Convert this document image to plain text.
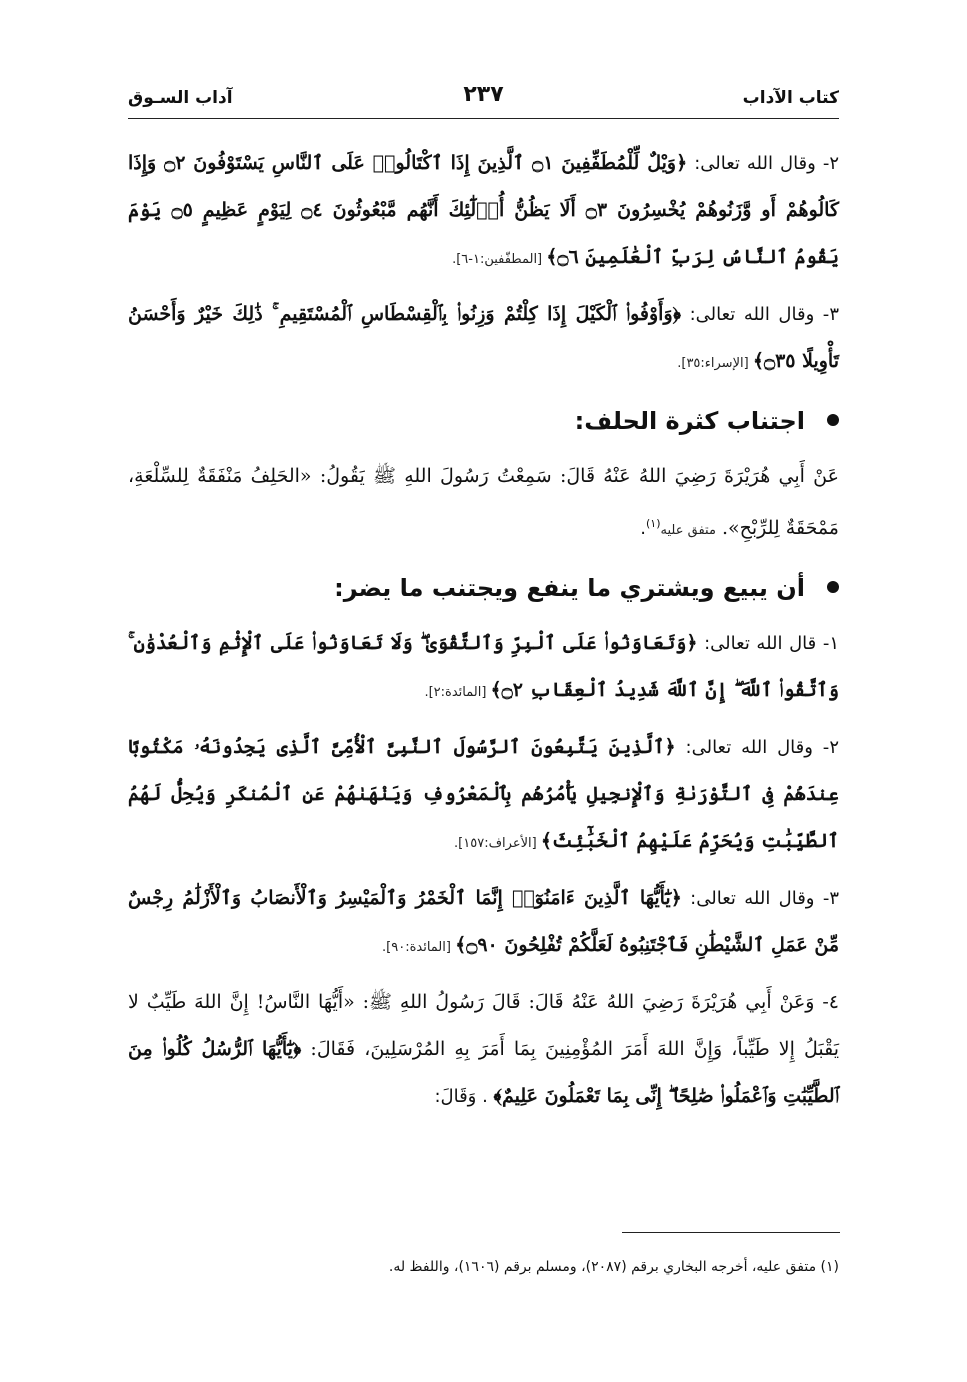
كتاب الآداب
٢٣٧
آداب السـوق

٢- وقال الله تعالى: ﴿وَيْلٌ لِّلْمُطَفِّفِينَ ۝١ ٱلَّذِينَ إِذَا ٱكْتَالُوا۟ عَلَى ٱلنَّاسِ يَسْتَوْفُونَ ۝٢ وَإِذَا كَالُوهُمْ أَو وَّزَنُوهُمْ يُخْسِرُونَ ۝٣ أَلَا يَظُنُّ أُو۟لَٰٓئِكَ أَنَّهُم مَّبْعُوثُونَ ۝٤ لِيَوْمٍ عَظِيمٍ ۝٥ يَوْمَ يَقُومُ ٱلنَّاسُ لِرَبِّ ٱلْعَٰلَمِينَ ۝٦﴾ [المطفّفين:١-٦].

٣- وقال الله تعالى: ﴿وَأَوْفُوا۟ ٱلْكَيْلَ إِذَا كِلْتُمْ وَزِنُوا۟ بِٱلْقِسْطَاسِ ٱلْمُسْتَقِيمِ ۚ ذَٰلِكَ خَيْرٌ وَأَحْسَنُ تَأْوِيلًا ۝٣٥﴾ [الإسراء:٣٥].

اجتناب كثرة الحلف:

عَنْ أَبِي هُرَيْرَةَ رَضِيَ اللهُ عَنْهُ قَالَ: سَمِعْتُ رَسُولَ اللهِ ﷺ يَقُولُ: «الحَلِفُ مَنْفَقَةٌ لِلسِّلْعَةِ، مَمْحَقَةٌ لِلرِّبْحِ». متفق عليه$^{(١)}$.

أن يبيع ويشتري ما ينفع ويجتنب ما يضر:

١- قال الله تعالى: ﴿وَتَعَاوَنُوا۟ عَلَى ٱلْبِرِّ وَٱلتَّقْوَىٰ ۖ وَلَا تَعَاوَنُوا۟ عَلَى ٱلْإِثْمِ وَٱلْعُدْوَٰنِ ۚ وَٱتَّقُوا۟ ٱللَّهَ ۖ إِنَّ ٱللَّهَ شَدِيدُ ٱلْعِقَابِ ۝٢﴾ [المائدة:٢].

٢- وقال الله تعالى: ﴿ٱلَّذِينَ يَتَّبِعُونَ ٱلرَّسُولَ ٱلنَّبِىَّ ٱلْأُمِّىَّ ٱلَّذِى يَجِدُونَهُۥ مَكْتُوبًا عِندَهُمْ فِى ٱلتَّوْرَىٰةِ وَٱلْإِنجِيلِ يَأْمُرُهُم بِٱلْمَعْرُوفِ وَيَنْهَىٰهُمْ عَنِ ٱلْمُنكَرِ وَيُحِلُّ لَهُمُ ٱلطَّيِّبَٰتِ وَيُحَرِّمُ عَلَيْهِمُ ٱلْخَبَٰٓئِثَ﴾ [الأعراف:١٥٧].

٣- وقال الله تعالى: ﴿يَٰٓأَيُّهَا ٱلَّذِينَ ءَامَنُوٓا۟ إِنَّمَا ٱلْخَمْرُ وَٱلْمَيْسِرُ وَٱلْأَنصَابُ وَٱلْأَزْلَٰمُ رِجْسٌ مِّنْ عَمَلِ ٱلشَّيْطَٰنِ فَٱجْتَنِبُوهُ لَعَلَّكُمْ تُفْلِحُونَ ۝٩٠﴾ [المائدة:٩٠].

٤- وَعَنْ أَبِي هُرَيْرَةَ رَضِيَ اللهُ عَنْهُ قَالَ: قَالَ رَسُولُ اللهِ ﷺ: «أَيُّهَا النَّاسُ! إِنَّ اللهَ طَيِّبٌ لا يَقْبَلُ إِلا طَيِّباً، وَإِنَّ اللهَ أَمَرَ المُؤْمِنِينَ بِمَا أَمَرَ بِهِ المُرْسَلِينَ، فَقَالَ: ﴿يَٰٓأَيُّهَا ٱلرُّسُلُ كُلُوا۟ مِنَ ٱلطَّيِّبَٰتِ وَٱعْمَلُوا۟ صَٰلِحًا ۖ إِنِّى بِمَا تَعْمَلُونَ عَلِيمٌ﴾ . وَقَالَ:

(١) متفق عليه، أخرجه البخاري برقم (٢٠٨٧)، ومسلم برقم (١٦٠٦)، واللفظ له.
